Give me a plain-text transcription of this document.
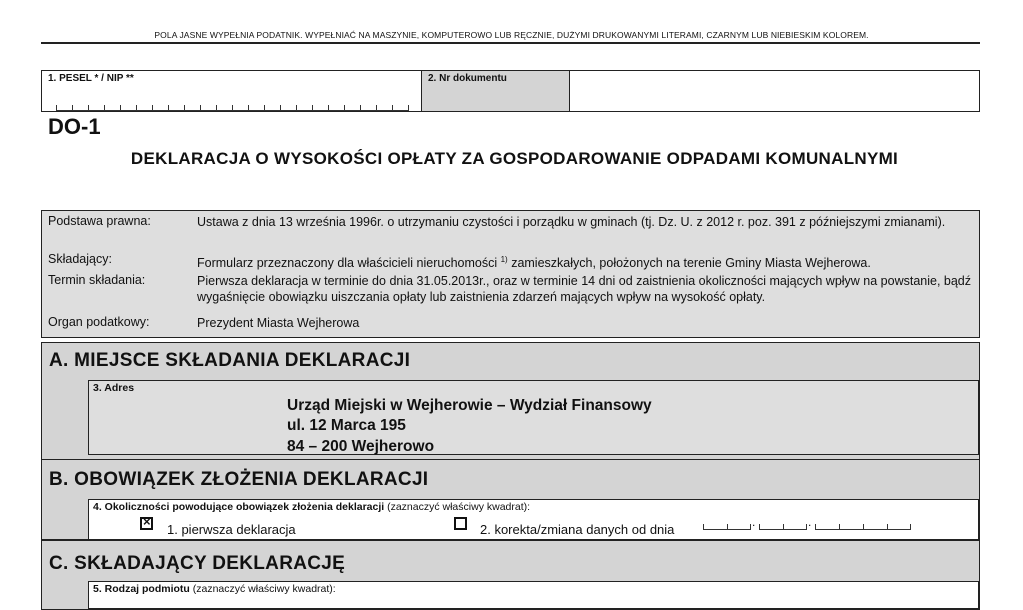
POLA JASNE WYPEŁNIA PODATNIK. WYPEŁNIAĆ NA MASZYNIE, KOMPUTEROWO LUB RĘCZNIE, DUŻYMI DRUKOWANYMI LITERAMI, CZARNYM LUB NIEBIESKIM KOLOREM.
1. PESEL * / NIP **	2. Nr dokumentu
DO-1
DEKLARACJA O WYSOKOŚCI OPŁATY ZA GOSPODAROWANIE ODPADAMI KOMUNALNYMI
Podstawa prawna:	Ustawa z dnia 13 września 1996r. o utrzymaniu czystości i porządku w gminach (tj. Dz. U. z 2012 r. poz. 391 z późniejszymi zmianami).
Składający:	Formularz przeznaczony dla właścicieli nieruchomości $^{1)}$ zamieszkałych, położonych na terenie Gminy Miasta Wejherowa.
Termin składania:	Pierwsza deklaracja w terminie do dnia 31.05.2013r., oraz w terminie 14 dni od zaistnienia okoliczności mających wpływ na powstanie, bądź wygaśnięcie obowiązku uiszczania opłaty lub zaistnienia zdarzeń mających wpływ na wysokość opłaty.
Organ podatkowy:	Prezydent Miasta Wejherowa
A. MIEJSCE SKŁADANIA DEKLARACJI
3. Adres
Urząd Miejski w Wejherowie – Wydział Finansowy
ul. 12 Marca 195
84 – 200 Wejherowo
B. OBOWIĄZEK ZŁOŻENIA DEKLARACJI
4. Okoliczności powodujące obowiązek złożenia deklaracji (zaznaczyć właściwy kwadrat):
×
1. pierwsza deklaracja	2. korekta/zmiana danych od dnia	.	.
C. SKŁADAJĄCY DEKLARACJĘ
5. Rodzaj podmiotu (zaznaczyć właściwy kwadrat):
